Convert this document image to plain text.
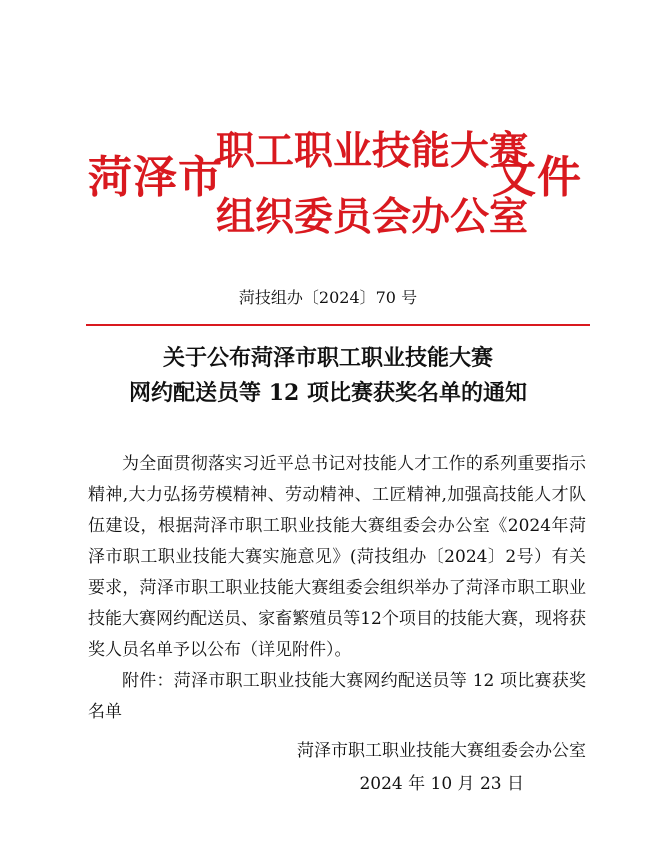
菏泽市
职工职业技能大赛
组织委员会办公室
文件
菏技组办〔2024〕70 号
关于公布菏泽市职工职业技能大赛
网约配送员等 12 项比赛获奖名单的通知

为全面贯彻落实习近平总书记对技能人才工作的系列重要指示精神,大力弘扬劳模精神、劳动精神、工匠精神,加强高技能人才队伍建设，根据菏泽市职工职业技能大赛组委会办公室《2024年菏泽市职工职业技能大赛实施意见》(菏技组办〔2024〕2号）有关要求，菏泽市职工职业技能大赛组委会组织举办了菏泽市职工职业技能大赛网约配送员、家畜繁殖员等12个项目的技能大赛，现将获奖人员名单予以公布（详见附件）。

附件：菏泽市职工职业技能大赛网约配送员等 12 项比赛获奖名单

菏泽市职工职业技能大赛组委会办公室
2024 年 10 月 23 日
